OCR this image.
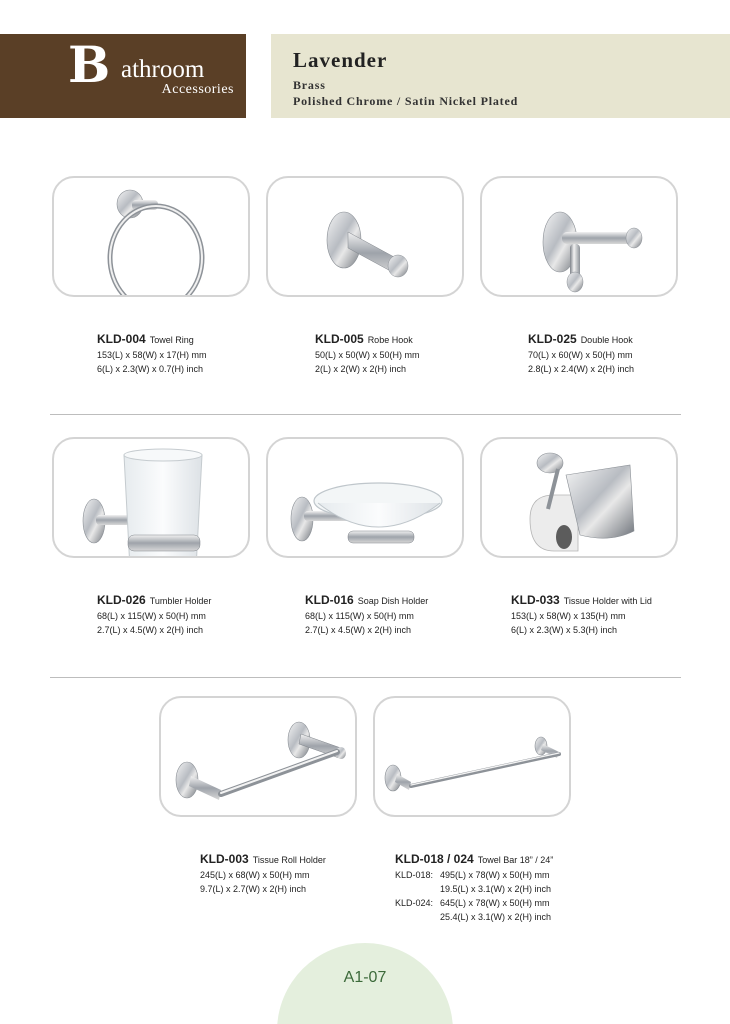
B athroom
Accessories
Lavender
Brass
Polished Chrome / Satin Nickel Plated
KLD-004 Towel Ring
153(L) x 58(W) x 17(H) mm
6(L) x 2.3(W) x 0.7(H) inch
KLD-005 Robe Hook
50(L) x 50(W) x 50(H) mm
2(L) x 2(W) x 2(H) inch
KLD-025 Double Hook
70(L) x 60(W) x 50(H) mm
2.8(L) x 2.4(W) x 2(H) inch
KLD-026 Tumbler Holder
68(L) x 115(W) x 50(H) mm
2.7(L) x 4.5(W) x 2(H) inch
KLD-016 Soap Dish Holder
68(L) x 115(W) x 50(H) mm
2.7(L) x 4.5(W) x 2(H) inch
KLD-033 Tissue Holder with Lid
153(L) x 58(W) x 135(H) mm
6(L) x 2.3(W) x 5.3(H) inch
KLD-003 Tissue Roll Holder
245(L) x 68(W) x 50(H) mm
9.7(L) x 2.7(W) x 2(H) inch
KLD-018 / 024 Towel Bar 18” / 24”
KLD-018: 495(L) x 78(W) x 50(H) mm
19.5(L) x 3.1(W) x 2(H) inch
KLD-024: 645(L) x 78(W) x 50(H) mm
25.4(L) x 3.1(W) x 2(H) inch
A1-07
